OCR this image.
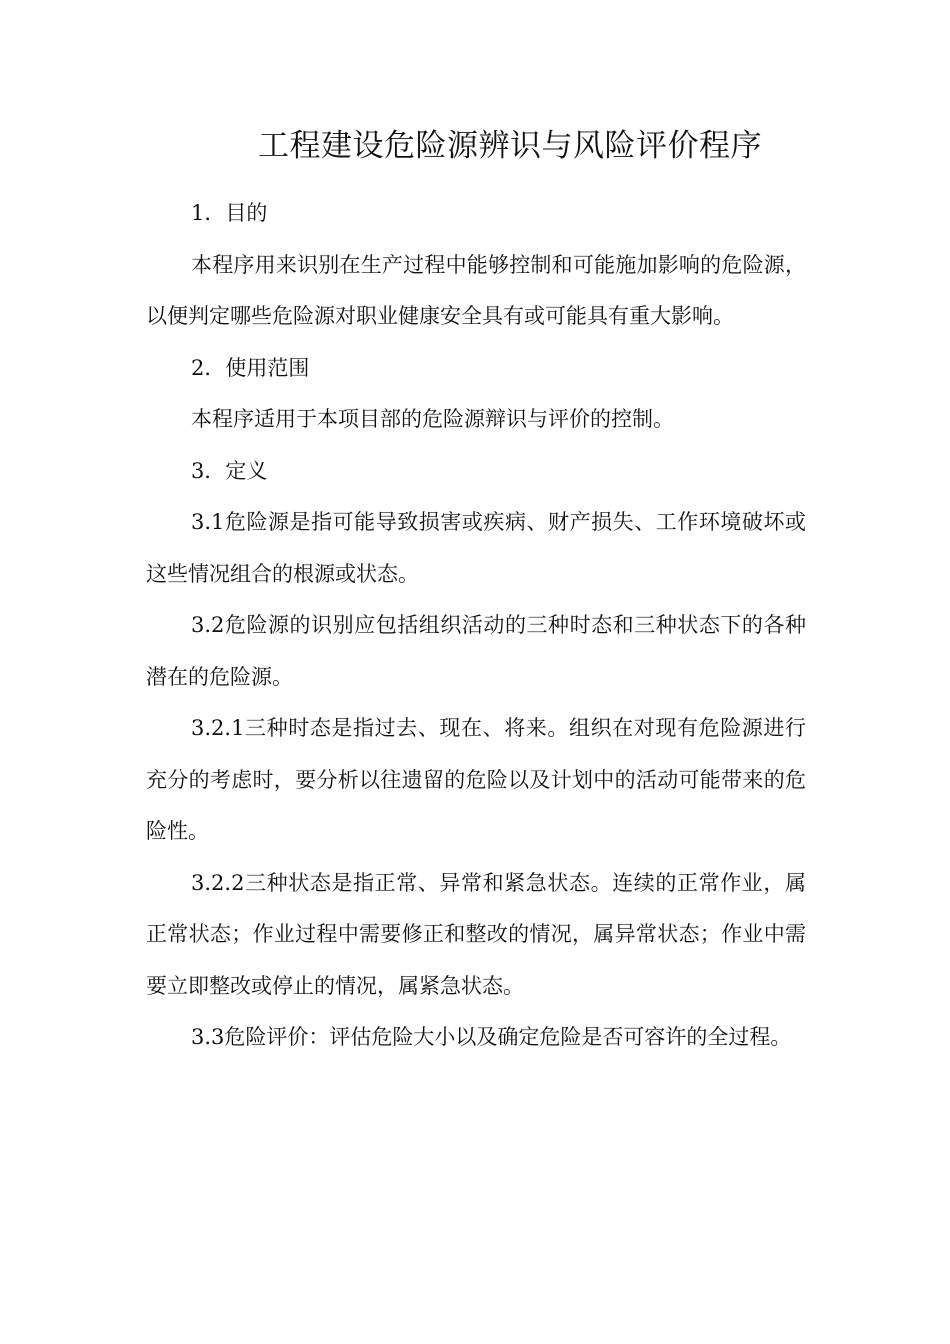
工程建设危险源辨识与风险评价程序

1．目的

本程序用来识别在生产过程中能够控制和可能施加影响的危险源，以便判定哪些危险源对职业健康安全具有或可能具有重大影响。

2．使用范围

本程序适用于本项目部的危险源辩识与评价的控制。

3．定义

3.1危险源是指可能导致损害或疾病、财产损失、工作环境破坏或这些情况组合的根源或状态。

3.2危险源的识别应包括组织活动的三种时态和三种状态下的各种潜在的危险源。

3.2.1三种时态是指过去、现在、将来。组织在对现有危险源进行充分的考虑时，要分析以往遗留的危险以及计划中的活动可能带来的危险性。

3.2.2三种状态是指正常、异常和紧急状态。连续的正常作业，属正常状态；作业过程中需要修正和整改的情况，属异常状态；作业中需要立即整改或停止的情况，属紧急状态。

3.3危险评价：评估危险大小以及确定危险是否可容许的全过程。
